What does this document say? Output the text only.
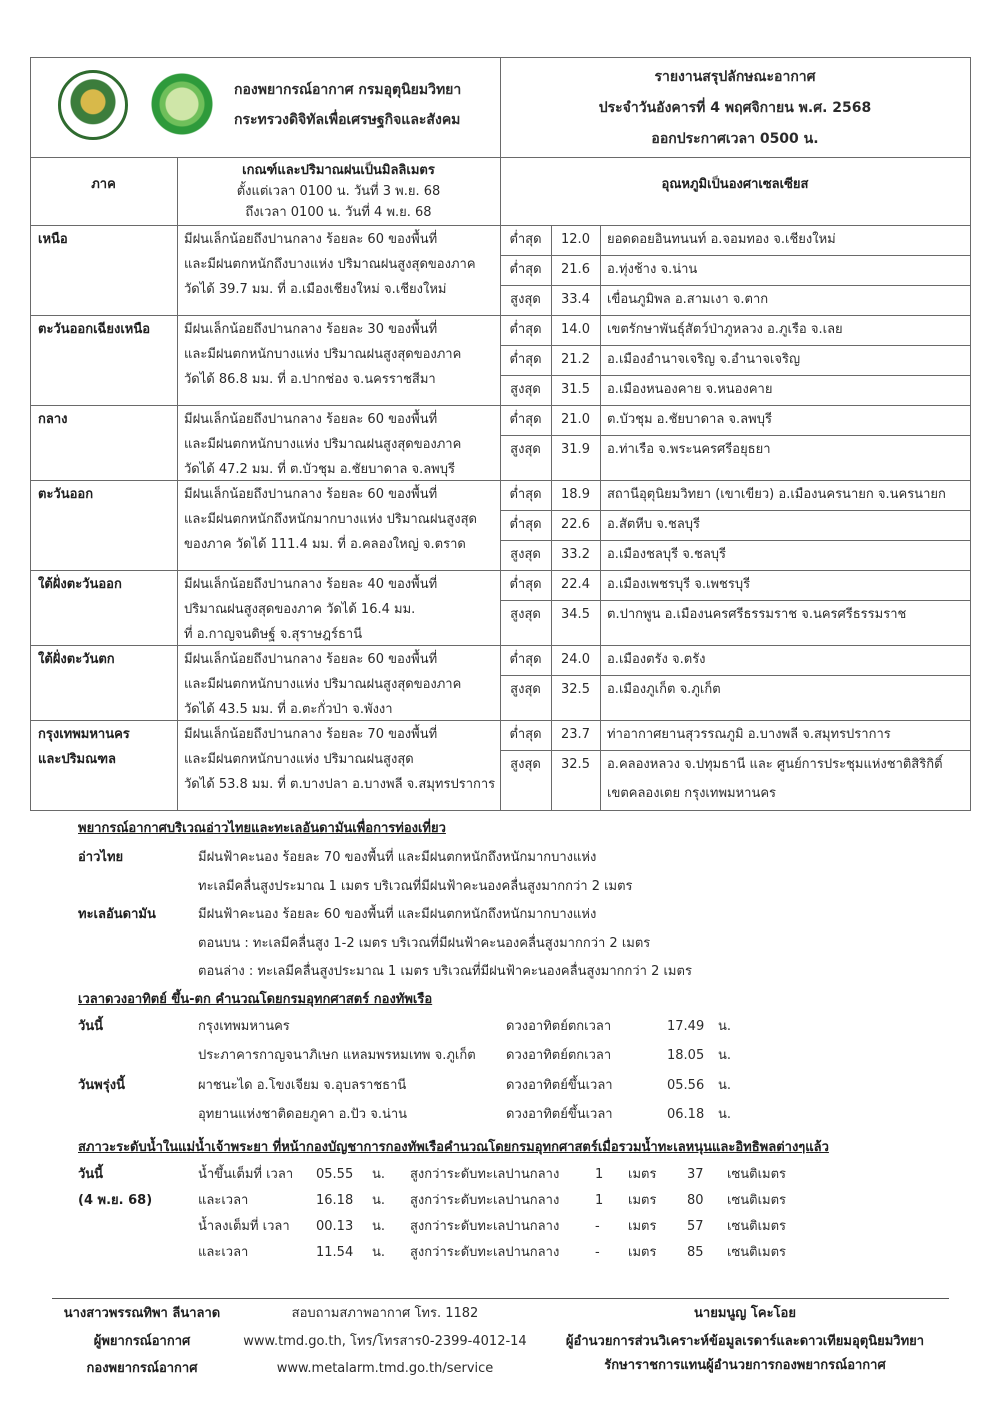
กองพยากรณ์อากาศ กรมอุตุนิยมวิทยา
กระทรวงดิจิทัลเพื่อเศรษฐกิจและสังคม
รายงานสรุปลักษณะอากาศ
ประจำวันอังคารที่ 4 พฤศจิกายน พ.ศ. 2568
ออกประกาศเวลา 0500 น.
ภาค
เกณฑ์และปริมาณฝนเป็นมิลลิเมตร
ตั้งแต่เวลา 0100 น. วันที่ 3 พ.ย. 68
ถึงเวลา 0100 น. วันที่ 4 พ.ย. 68
อุณหภูมิเป็นองศาเซลเซียส
เหนือ	มีฝนเล็กน้อยถึงปานกลาง ร้อยละ 60 ของพื้นที่
และมีฝนตกหนักถึงบางแห่ง ปริมาณฝนสูงสุดของภาค
วัดได้ 39.7 มม. ที่ อ.เมืองเชียงใหม่ จ.เชียงใหม่
ต่ำสุด	12.0	ยอดดอยอินทนนท์ อ.จอมทอง จ.เชียงใหม่
ต่ำสุด	21.6	อ.ทุ่งช้าง จ.น่าน
สูงสุด	33.4	เขื่อนภูมิพล อ.สามเงา จ.ตาก
ตะวันออกเฉียงเหนือ	มีฝนเล็กน้อยถึงปานกลาง ร้อยละ 30 ของพื้นที่
และมีฝนตกหนักบางแห่ง ปริมาณฝนสูงสุดของภาค
วัดได้ 86.8 มม. ที่ อ.ปากช่อง จ.นครราชสีมา
ต่ำสุด	14.0	เขตรักษาพันธุ์สัตว์ป่าภูหลวง อ.ภูเรือ จ.เลย
ต่ำสุด	21.2	อ.เมืองอำนาจเจริญ จ.อำนาจเจริญ
สูงสุด	31.5	อ.เมืองหนองคาย จ.หนองคาย
กลาง	มีฝนเล็กน้อยถึงปานกลาง ร้อยละ 60 ของพื้นที่
และมีฝนตกหนักบางแห่ง ปริมาณฝนสูงสุดของภาค
วัดได้ 47.2 มม. ที่ ต.บัวชุม อ.ชัยบาดาล จ.ลพบุรี
ต่ำสุด	21.0	ต.บัวชุม อ.ชัยบาดาล จ.ลพบุรี
สูงสุด	31.9	อ.ท่าเรือ จ.พระนครศรีอยุธยา
ตะวันออก	มีฝนเล็กน้อยถึงปานกลาง ร้อยละ 60 ของพื้นที่
และมีฝนตกหนักถึงหนักมากบางแห่ง ปริมาณฝนสูงสุด
ของภาค วัดได้ 111.4 มม. ที่ อ.คลองใหญ่ จ.ตราด
ต่ำสุด	18.9	สถานีอุตุนิยมวิทยา (เขาเขียว) อ.เมืองนครนายก จ.นครนายก
ต่ำสุด	22.6	อ.สัตหีบ จ.ชลบุรี
สูงสุด	33.2	อ.เมืองชลบุรี จ.ชลบุรี
ใต้ฝั่งตะวันออก	มีฝนเล็กน้อยถึงปานกลาง ร้อยละ 40 ของพื้นที่
ปริมาณฝนสูงสุดของภาค วัดได้ 16.4 มม.
ที่ อ.กาญจนดิษฐ์ จ.สุราษฎร์ธานี
ต่ำสุด	22.4	อ.เมืองเพชรบุรี จ.เพชรบุรี
สูงสุด	34.5	ต.ปากพูน อ.เมืองนครศรีธรรมราช จ.นครศรีธรรมราช
ใต้ฝั่งตะวันตก	มีฝนเล็กน้อยถึงปานกลาง ร้อยละ 60 ของพื้นที่
และมีฝนตกหนักบางแห่ง ปริมาณฝนสูงสุดของภาค
วัดได้ 43.5 มม. ที่ อ.ตะกั่วป่า จ.พังงา
ต่ำสุด	24.0	อ.เมืองตรัง จ.ตรัง
สูงสุด	32.5	อ.เมืองภูเก็ต จ.ภูเก็ต
กรุงเทพมหานคร
และปริมณฑล
มีฝนเล็กน้อยถึงปานกลาง ร้อยละ 70 ของพื้นที่
และมีฝนตกหนักบางแห่ง ปริมาณฝนสูงสุด
วัดได้ 53.8 มม. ที่ ต.บางปลา อ.บางพลี จ.สมุทรปราการ
ต่ำสุด	23.7	ท่าอากาศยานสุวรรณภูมิ อ.บางพลี จ.สมุทรปราการ
สูงสุด	32.5	อ.คลองหลวง จ.ปทุมธานี และ ศูนย์การประชุมแห่งชาติสิริกิติ์
เขตคลองเตย กรุงเทพมหานคร
พยากรณ์อากาศบริเวณอ่าวไทยและทะเลอันดามันเพื่อการท่องเที่ยว
อ่าวไทย	มีฝนฟ้าคะนอง ร้อยละ 70 ของพื้นที่ และมีฝนตกหนักถึงหนักมากบางแห่ง
ทะเลมีคลื่นสูงประมาณ 1 เมตร บริเวณที่มีฝนฟ้าคะนองคลื่นสูงมากกว่า 2 เมตร
ทะเลอันดามัน	มีฝนฟ้าคะนอง ร้อยละ 60 ของพื้นที่ และมีฝนตกหนักถึงหนักมากบางแห่ง
ตอนบน : ทะเลมีคลื่นสูง 1-2 เมตร บริเวณที่มีฝนฟ้าคะนองคลื่นสูงมากกว่า 2 เมตร
ตอนล่าง : ทะเลมีคลื่นสูงประมาณ 1 เมตร บริเวณที่มีฝนฟ้าคะนองคลื่นสูงมากกว่า 2 เมตร
เวลาดวงอาทิตย์ ขึ้น-ตก คำนวณโดยกรมอุทกศาสตร์ กองทัพเรือ
วันนี้	กรุงเทพมหานคร	ดวงอาทิตย์ตกเวลา	17.49 น.
ประภาคารกาญจนาภิเษก แหลมพรหมเทพ จ.ภูเก็ต ดวงอาทิตย์ตกเวลา	18.05 น.
วันพรุ่งนี้	ผาชนะได อ.โขงเจียม จ.อุบลราชธานี	ดวงอาทิตย์ขึ้นเวลา	05.56 น.
อุทยานแห่งชาติดอยภูคา อ.ปัว จ.น่าน	ดวงอาทิตย์ขึ้นเวลา	06.18 น.
สภาวะระดับน้ำในแม่น้ำเจ้าพระยา ที่หน้ากองบัญชาการกองทัพเรือคำนวณโดยกรมอุทกศาสตร์เมื่อรวมน้ำทะเลหนุนและอิทธิพลต่างๆแล้ว
วันนี้
(4 พ.ย. 68)
น้ำขึ้นเต็มที่ เวลา 05.55 น. สูงกว่าระดับทะเลปานกลาง	1 เมตร 37 เซนติเมตร
และเวลา	16.18 น. สูงกว่าระดับทะเลปานกลาง	1 เมตร 80 เซนติเมตร
น้ำลงเต็มที่ เวลา 00.13 น. สูงกว่าระดับทะเลปานกลาง	- เมตร 57 เซนติเมตร
และเวลา	11.54 น. สูงกว่าระดับทะเลปานกลาง	- เมตร 85 เซนติเมตร
นางสาวพรรณทิพา ลีนาลาด
ผู้พยากรณ์อากาศ
กองพยากรณ์อากาศ
สอบถามสภาพอากาศ โทร. 1182
www.tmd.go.th, โทร/โทรสาร0-2399-4012-14
www.metalarm.tmd.go.th/service
นายมนูญ โคะโอย
ผู้อำนวยการส่วนวิเคราะห์ข้อมูลเรดาร์และดาวเทียมอุตุนิยมวิทยา
รักษาราชการแทนผู้อำนวยการกองพยากรณ์อากาศ
